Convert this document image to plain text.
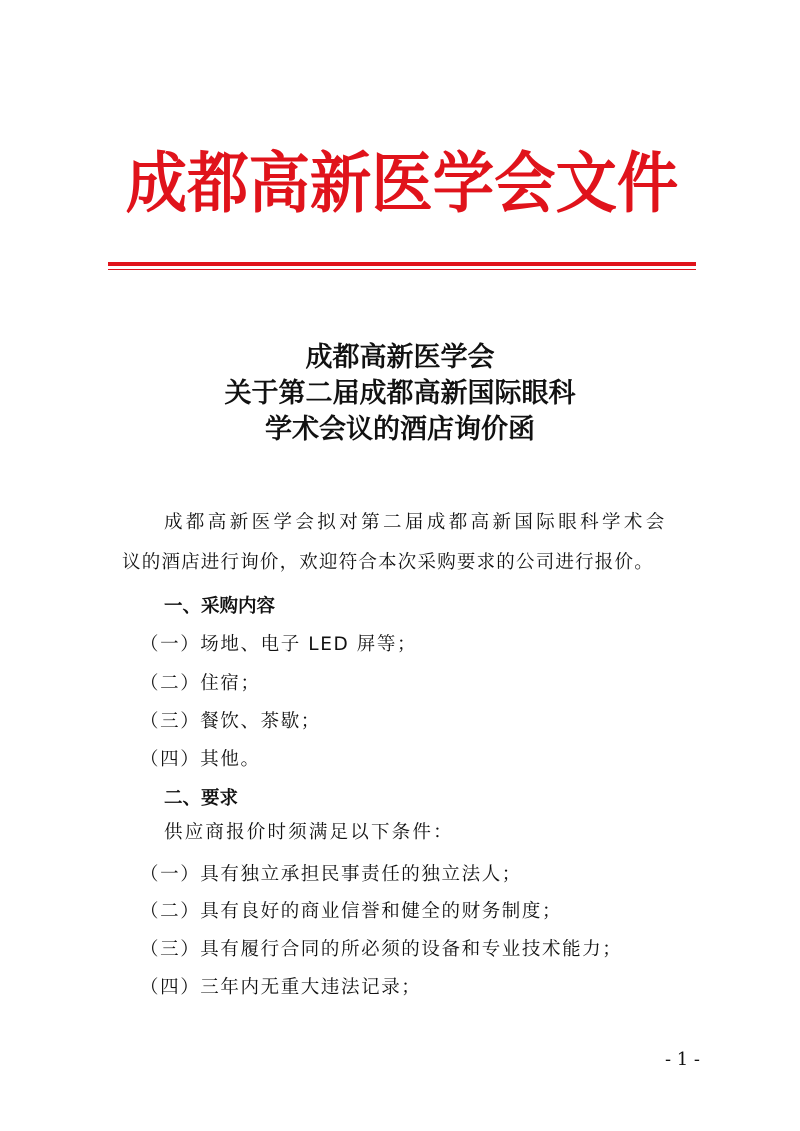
成都高新医学会文件
成都高新医学会
关于第二届成都高新国际眼科
学术会议的酒店询价函
成都高新医学会拟对第二届成都高新国际眼科学术会
议的酒店进行询价，欢迎符合本次采购要求的公司进行报价。
一、采购内容
（一）场地、电子 LED 屏等；
（二）住宿；
（三）餐饮、茶歇；
（四）其他。
二、要求
供应商报价时须满足以下条件：
（一）具有独立承担民事责任的独立法人；
（二）具有良好的商业信誉和健全的财务制度；
（三）具有履行合同的所必须的设备和专业技术能力；
（四）三年内无重大违法记录；
- 1 -
